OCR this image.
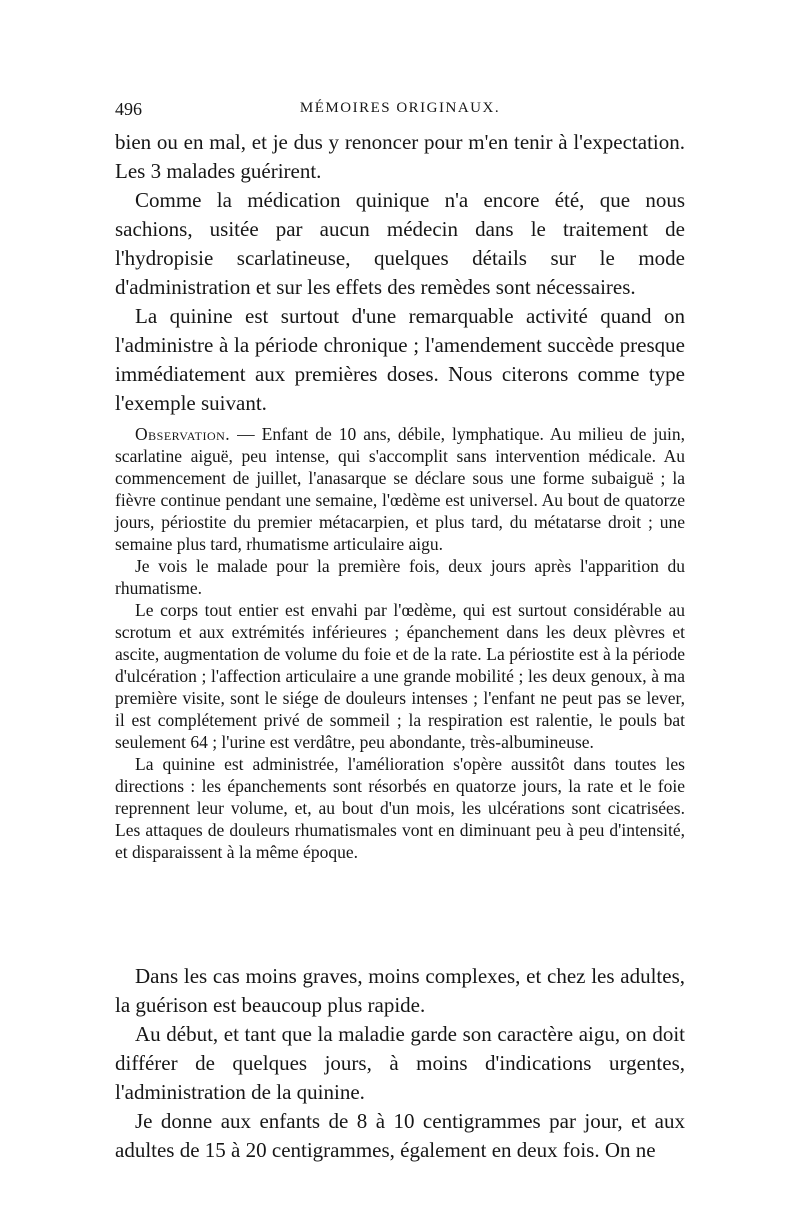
496	MÉMOIRES ORIGINAUX.

bien ou en mal, et je dus y renoncer pour m'en tenir à l'expectation. Les 3 malades guérirent.

Comme la médication quinique n'a encore été, que nous sachions, usitée par aucun médecin dans le traitement de l'hydropisie scarlatineuse, quelques détails sur le mode d'administration et sur les effets des remèdes sont nécessaires.

La quinine est surtout d'une remarquable activité quand on l'administre à la période chronique ; l'amendement succède presque immédiatement aux premières doses. Nous citerons comme type l'exemple suivant.

Observation. — Enfant de 10 ans, débile, lymphatique. Au milieu de juin, scarlatine aiguë, peu intense, qui s'accomplit sans intervention médicale. Au commencement de juillet, l'anasarque se déclare sous une forme subaiguë ; la fièvre continue pendant une semaine, l'œdème est universel. Au bout de quatorze jours, périostite du premier métacarpien, et plus tard, du métatarse droit ; une semaine plus tard, rhumatisme articulaire aigu.

Je vois le malade pour la première fois, deux jours après l'apparition du rhumatisme.

Le corps tout entier est envahi par l'œdème, qui est surtout considérable au scrotum et aux extrémités inférieures ; épanchement dans les deux plèvres et ascite, augmentation de volume du foie et de la rate. La périostite est à la période d'ulcération ; l'affection articulaire a une grande mobilité ; les deux genoux, à ma première visite, sont le siége de douleurs intenses ; l'enfant ne peut pas se lever, il est complétement privé de sommeil ; la respiration est ralentie, le pouls bat seulement 64 ; l'urine est verdâtre, peu abondante, très-albumineuse.

La quinine est administrée, l'amélioration s'opère aussitôt dans toutes les directions : les épanchements sont résorbés en quatorze jours, la rate et le foie reprennent leur volume, et, au bout d'un mois, les ulcérations sont cicatrisées. Les attaques de douleurs rhumatismales vont en diminuant peu à peu d'intensité, et disparaissent à la même époque.

Dans les cas moins graves, moins complexes, et chez les adultes, la guérison est beaucoup plus rapide.

Au début, et tant que la maladie garde son caractère aigu, on doit différer de quelques jours, à moins d'indications urgentes, l'administration de la quinine.

Je donne aux enfants de 8 à 10 centigrammes par jour, et aux adultes de 15 à 20 centigrammes, également en deux fois. On ne
